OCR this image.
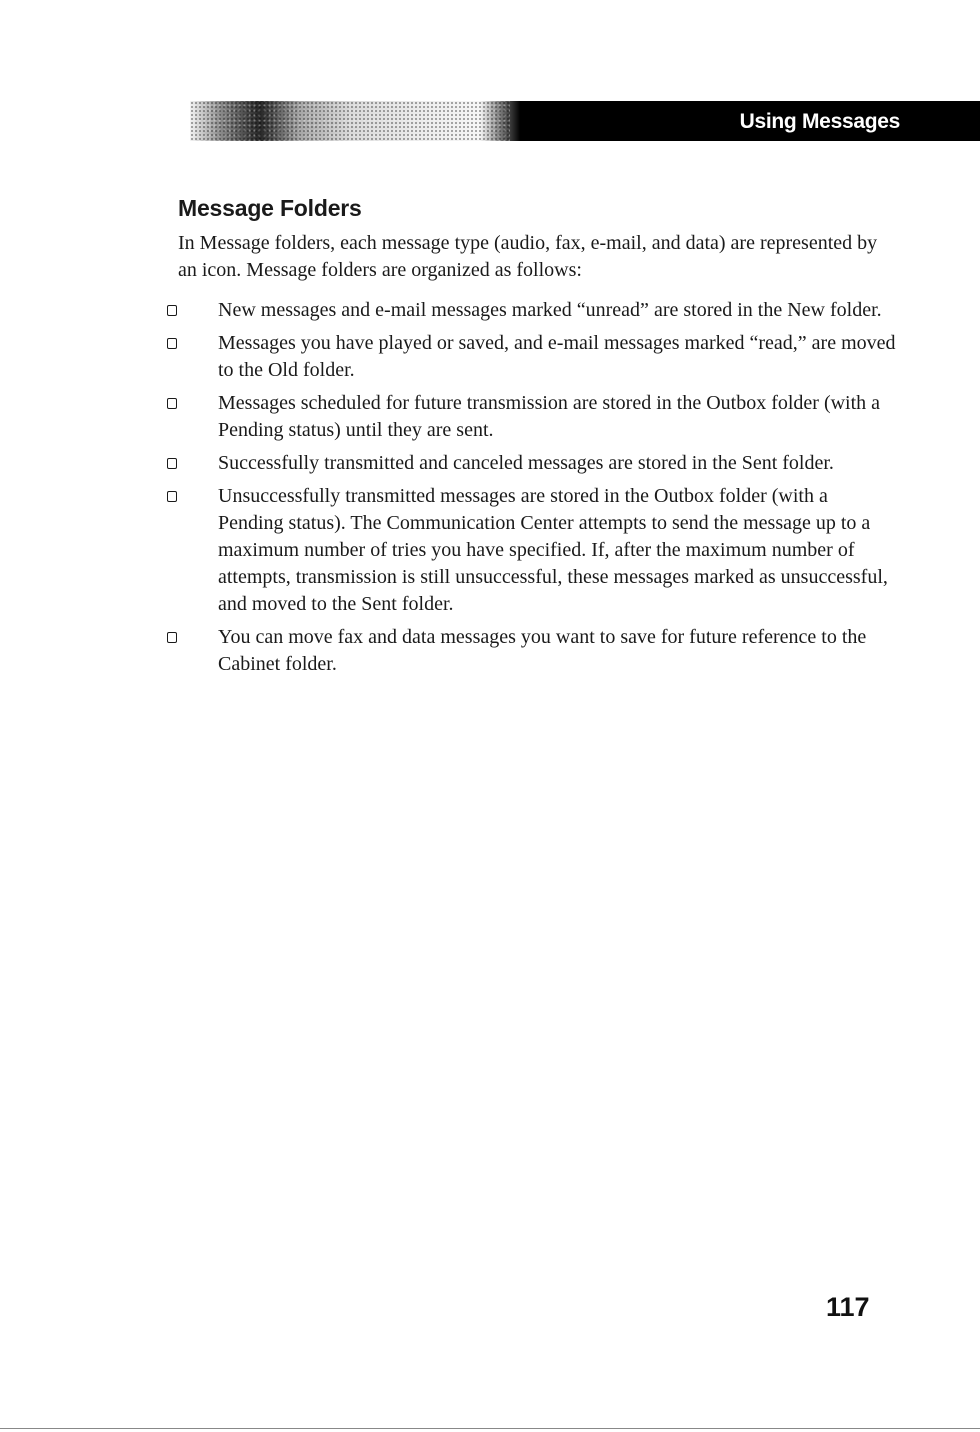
Using Messages
Message Folders

In Message folders, each message type (audio, fax, e-mail, and data) are represented by an icon. Message folders are organized as follows:

New messages and e-mail messages marked “unread” are stored in the New folder.
Messages you have played or saved, and e-mail messages marked “read,” are moved to the Old folder.
Messages scheduled for future transmission are stored in the Outbox folder (with a Pending status) until they are sent.
Successfully transmitted and canceled messages are stored in the Sent folder.
Unsuccessfully transmitted messages are stored in the Outbox folder (with a Pending status). The Communication Center attempts to send the message up to a maximum number of tries you have specified. If, after the maximum number of attempts, transmission is still unsuccessful, these messages marked as unsuccessful, and moved to the Sent folder.
You can move fax and data messages you want to save for future reference to the Cabinet folder.
117
